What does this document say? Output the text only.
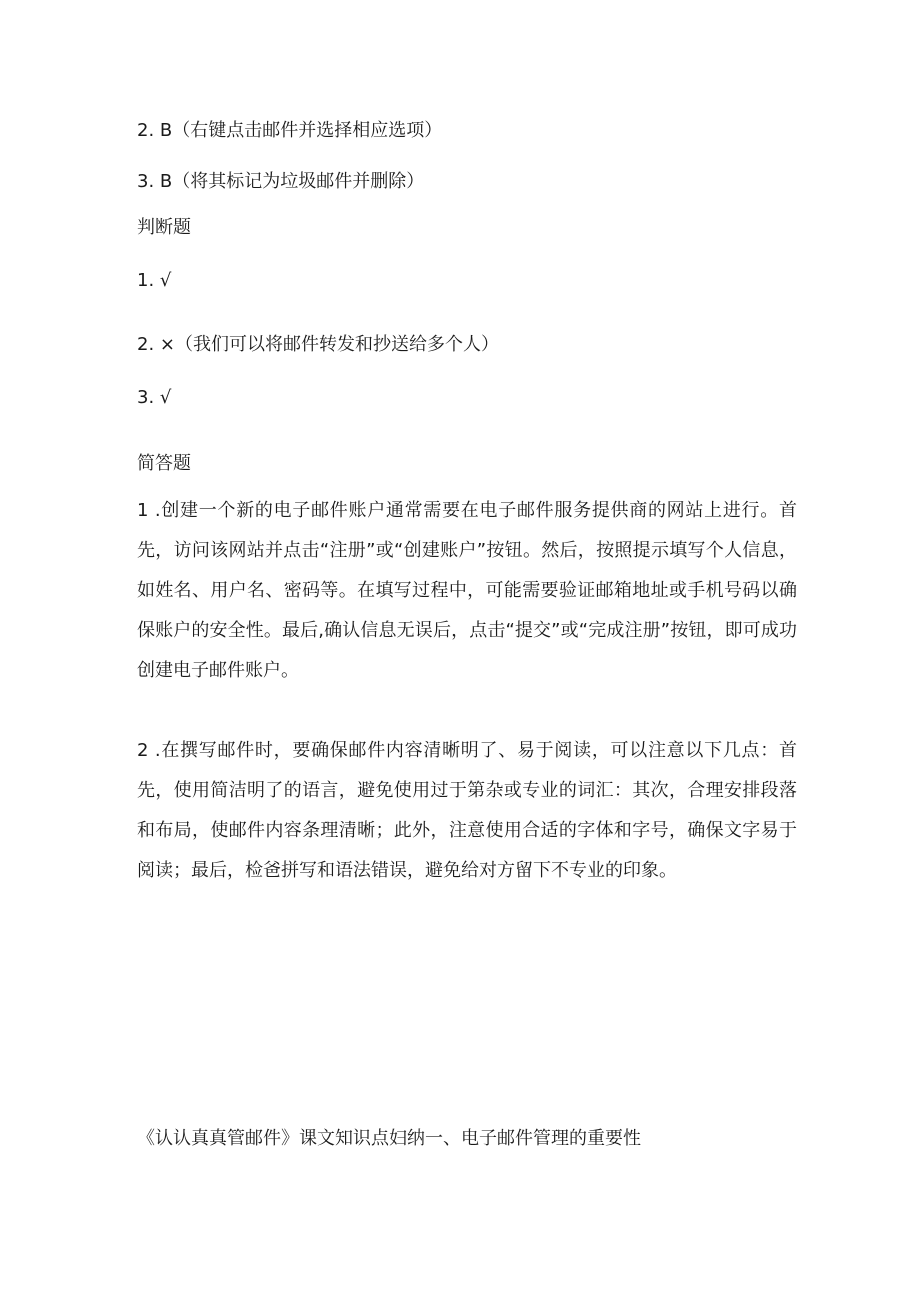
2. B（右键点击邮件并选择相应选项）

3. B（将其标记为垃圾邮件并删除）

判断题

1. √

2. ×（我们可以将邮件转发和抄送给多个人）

3. √

简答题

1 .创建一个新的电子邮件账户通常需要在电子邮件服务提供商的网站上进行。首先，访问该网站并点击“注册”或“创建账户”按钮。然后，按照提示填写个人信息，如姓名、用户名、密码等。在填写过程中，可能需要验证邮箱地址或手机号码以确保账户的安全性。最后,确认信息无误后，点击“提交”或“完成注册”按钮，即可成功创建电子邮件账户。

2 .在撰写邮件时，要确保邮件内容清晰明了、易于阅读，可以注意以下几点：首先，使用简洁明了的语言，避免使用过于第杂或专业的词汇：其次，合理安排段落和布局，使邮件内容条理清晰；此外，注意使用合适的字体和字号，确保文字易于阅读；最后，检爸拼写和语法错误，避免给对方留下不专业的印象。

《认认真真管邮件》课文知识点妇纳一、电子邮件管理的重要性
